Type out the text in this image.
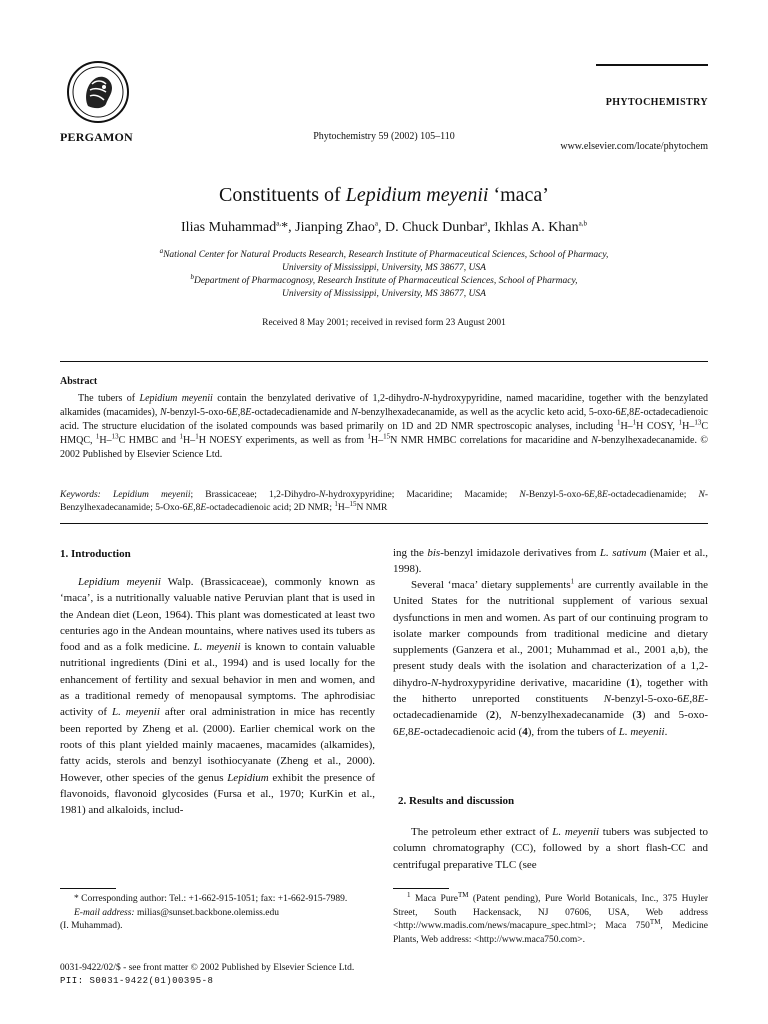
PERGAMON	Phytochemistry 59 (2002) 105–110
PHYTOCHEMISTRY
www.elsevier.com/locate/phytochem
Constituents of Lepidium meyenii ‘maca’
Ilias Muhammad$^{a,}$*, Jianping Zhao$^a$, D. Chuck Dunbar$^a$, Ikhlas A. Khan$^{a,b}$
$^a$National Center for Natural Products Research, Research Institute of Pharmaceutical Sciences, School of Pharmacy,
University of Mississippi, University, MS 38677, USA
$^b$Department of Pharmacognosy, Research Institute of Pharmaceutical Sciences, School of Pharmacy,
University of Mississippi, University, MS 38677, USA
Received 8 May 2001; received in revised form 23 August 2001
Abstract
The tubers of Lepidium meyenii contain the benzylated derivative of 1,2-dihydro-N-hydroxypyridine, named macaridine, together with the benzylated alkamides (macamides), N-benzyl-5-oxo-6E,8E-octadecadienamide and N-benzylhexadecanamide, as well as the acyclic keto acid, 5-oxo-6E,8E-octadecadienoic acid. The structure elucidation of the isolated compounds was based primarily on 1D and 2D NMR spectroscopic analyses, including $^1$H–$^1$H COSY, $^1$H–$^{13}$C HMQC, $^1$H–$^{13}$C HMBC and $^1$H–$^1$H NOESY experiments, as well as from $^1$H–$^{15}$N NMR HMBC correlations for macaridine and N-benzylhexadecanamide. © 2002 Published by Elsevier Science Ltd.
Keywords: Lepidium meyenii; Brassicaceae; 1,2-Dihydro-N-hydroxypyridine; Macaridine; Macamide; N-Benzyl-5-oxo-6E,8E-octadecadienamide; N-Benzylhexadecanamide; 5-Oxo-6E,8E-octadecadienoic acid; 2D NMR; $^1$H–$^{15}$N NMR
1. Introduction
Lepidium meyenii Walp. (Brassicaceae), commonly known as ‘maca’, is a nutritionally valuable native Peruvian plant that is used in the Andean diet (Leon, 1964). This plant was domesticated at least two centuries ago in the Andean mountains, where natives used its tubers as food and as a folk medicine. L. meyenii is known to contain valuable nutritional ingredients (Dini et al., 1994) and is used locally for the enhancement of fertility and sexual behavior in men and women, and as a traditional remedy of menopausal symptoms. The aphrodisiac activity of L. meyenii after oral administration in mice has recently been reported by Zheng et al. (2000). Earlier chemical work on the roots of this plant yielded mainly macaenes, macamides (alkamides), fatty acids, sterols and benzyl isothiocyanate (Zheng et al., 2000). However, other species of the genus Lepidium exhibit the presence of flavonoids, flavonoid glycosides (Fursa et al., 1970; KurKin et al., 1981) and alkaloids, includ-
ing the bis-benzyl imidazole derivatives from L. sativum (Maier et al., 1998).
Several ‘maca’ dietary supplements$^1$ are currently available in the United States for the nutritional supplement of various sexual dysfunctions in men and women. As part of our continuing program to isolate marker compounds from traditional medicine and dietary supplements (Ganzera et al., 2001; Muhammad et al., 2001 a,b), the present study deals with the isolation and characterization of a 1,2-dihydro-N-hydroxypyridine derivative, macaridine (1), together with the hitherto unreported constituents N-benzyl-5-oxo-6E,8E-octadecadienamide (2), N-benzylhexadecanamide (3) and 5-oxo-6E,8E-octadecadienoic acid (4), from the tubers of L. meyenii.
2. Results and discussion
The petroleum ether extract of L. meyenii tubers was subjected to column chromatography (CC), followed by a short flash-CC and centrifugal preparative TLC (see
* Corresponding author: Tel.: +1-662-915-1051; fax: +1-662-915-7989.
E-mail address: milias@sunset.backbone.olemiss.edu
(I. Muhammad).
$^1$ Maca Pure™ (Patent pending), Pure World Botanicals, Inc., 375 Huyler Street, South Hackensack, NJ 07606, USA, Web address <http://www.madis.com/news/macapure_spec.html>; Maca 750™, Medicine Plants, Web address: <http://www.maca750.com>.
0031-9422/02/$ - see front matter © 2002 Published by Elsevier Science Ltd.
PII: S0031-9422(01)00395-8
